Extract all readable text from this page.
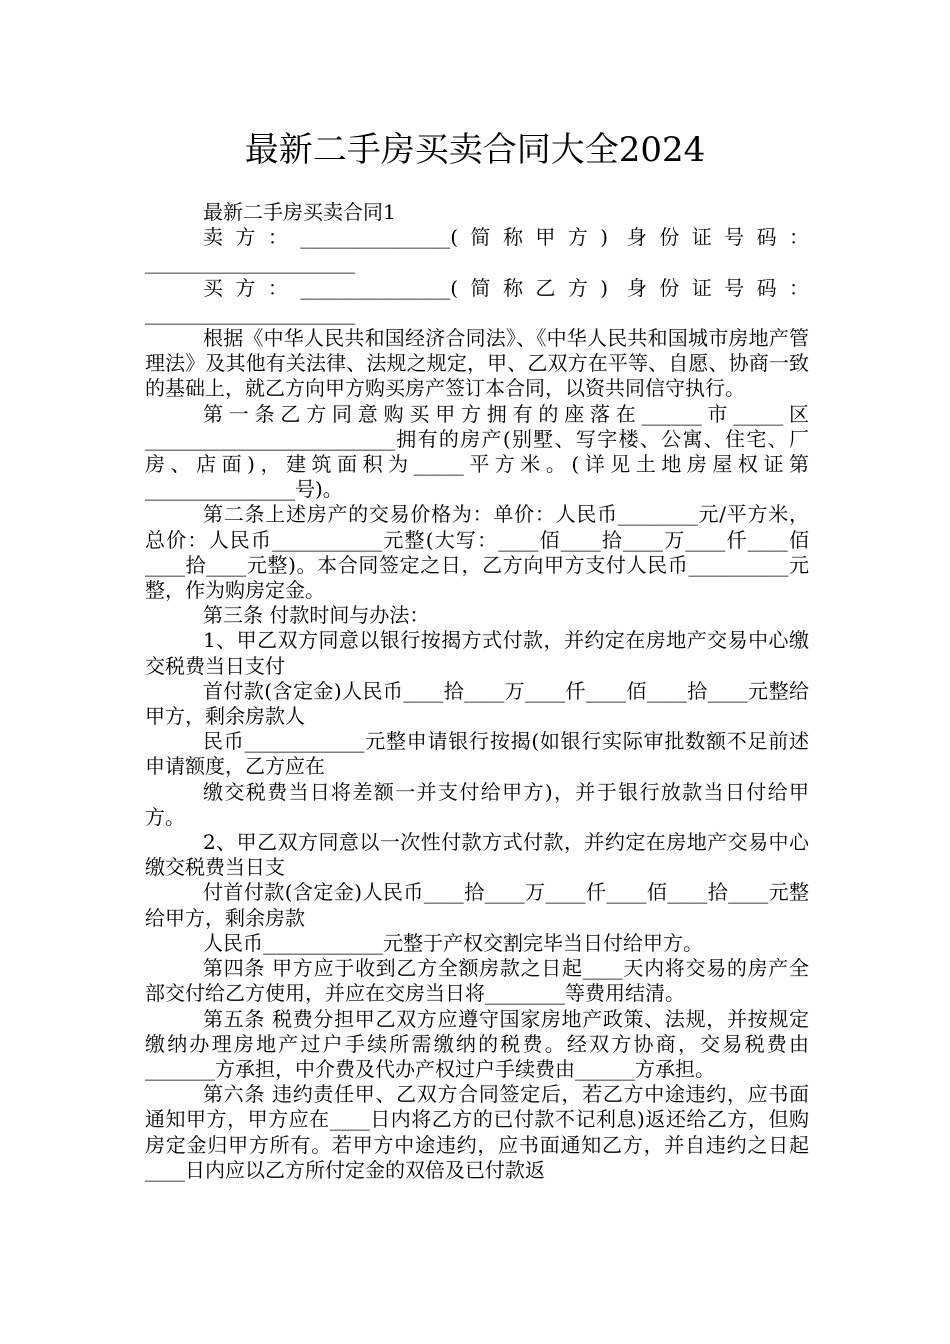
最新二手房买卖合同大全2024

最新二手房买卖合同1

卖方：_______________(简称甲方) 身份证号码：_____________________

买方：_______________(简称乙方) 身份证号码：_____________________

根据《中华人民共和国经济合同法》、《中华人民共和国城市房地产管理法》及其他有关法律、法规之规定，甲、乙双方在平等、自愿、协商一致的基础上，就乙方向甲方购买房产签订本合同，以资共同信守执行。

第一条乙方同意购买甲方拥有的座落在______市_____区_________________________拥有的房产(别墅、写字楼、公寓、住宅、厂房、店面)，建筑面积为_____平方米。(详见土地房屋权证第_______________号)。

第二条上述房产的交易价格为：单价：人民币________元/平方米，总价：人民币___________元整(大写：____佰____拾____万____仟____佰____拾____元整)。本合同签定之日，乙方向甲方支付人民币__________元整，作为购房定金。

第三条 付款时间与办法：

1、甲乙双方同意以银行按揭方式付款，并约定在房地产交易中心缴交税费当日支付

首付款(含定金)人民币____拾____万____仟____佰____拾____元整给甲方，剩余房款人

民币____________元整申请银行按揭(如银行实际审批数额不足前述申请额度，乙方应在

缴交税费当日将差额一并支付给甲方)，并于银行放款当日付给甲方。

2、甲乙双方同意以一次性付款方式付款，并约定在房地产交易中心缴交税费当日支

付首付款(含定金)人民币____拾____万____仟____佰____拾____元整给甲方，剩余房款

人民币____________元整于产权交割完毕当日付给甲方。

第四条 甲方应于收到乙方全额房款之日起____天内将交易的房产全部交付给乙方使用，并应在交房当日将________等费用结清。

第五条 税费分担甲乙双方应遵守国家房地产政策、法规，并按规定缴纳办理房地产过户手续所需缴纳的税费。经双方协商，交易税费由_______方承担，中介费及代办产权过户手续费由______方承担。

第六条 违约责任甲、乙双方合同签定后，若乙方中途违约，应书面通知甲方，甲方应在____日内将乙方的已付款不记利息)返还给乙方，但购房定金归甲方所有。若甲方中途违约，应书面通知乙方，并自违约之日起____日内应以乙方所付定金的双倍及已付款返
